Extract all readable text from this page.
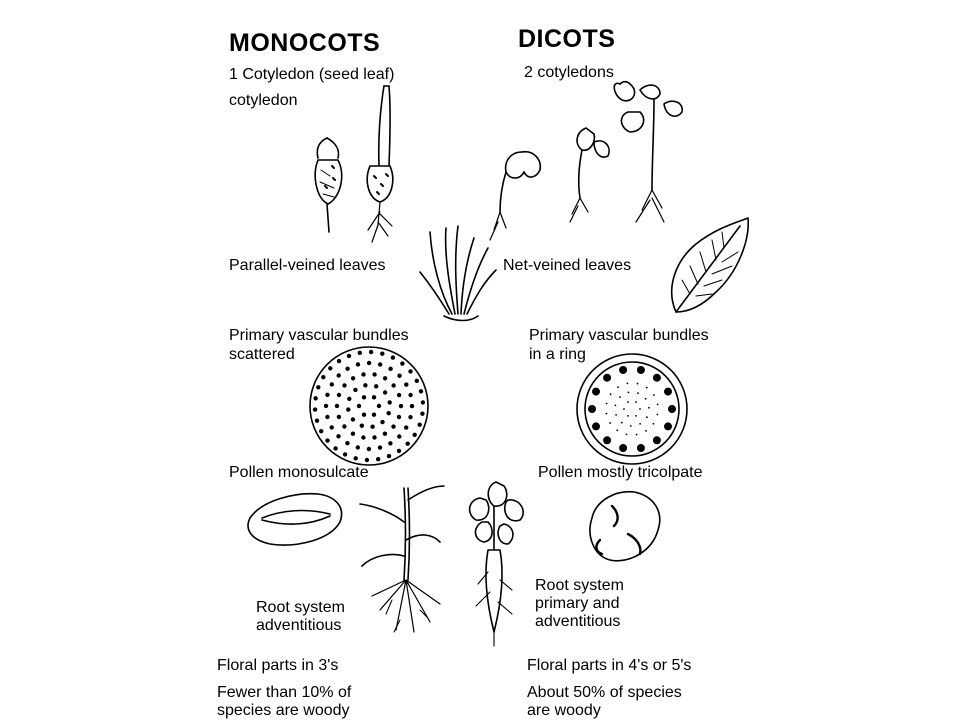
MONOCOTS	DICOTS
1 Cotyledon (seed leaf)
cotyledon
Parallel-veined leaves
Primary vascular bundles
scattered
Pollen monosulcate
Root system
adventitious
Floral parts in 3's
Fewer than 10% of
species are woody
2 cotyledons
Net-veined leaves
Primary vascular bundles
in a ring
Pollen mostly tricolpate
Root system
primary and
adventitious
Floral parts in 4's or 5's
About 50% of species
are woody
